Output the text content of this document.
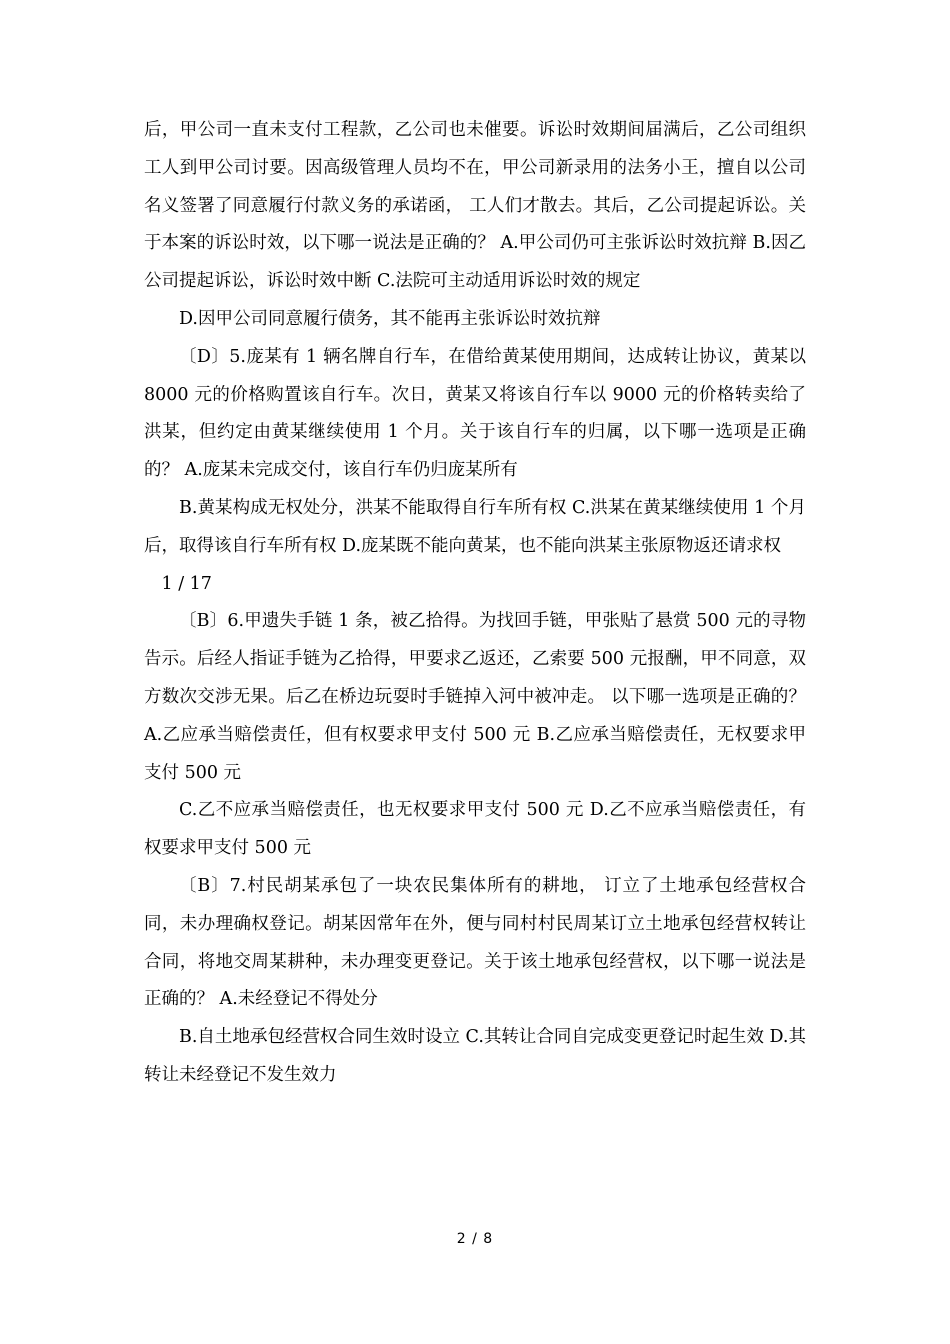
后，甲公司一直未支付工程款，乙公司也未催要。诉讼时效期间届满后，乙公司组织工人到甲公司讨要。因高级管理人员均不在，甲公司新录用的法务小王，擅自以公司名义签署了同意履行付款义务的承诺函， 工人们才散去。其后，乙公司提起诉讼。关于本案的诉讼时效，以下哪一说法是正确的？ A.甲公司仍可主张诉讼时效抗辩 B.因乙公司提起诉讼，诉讼时效中断 C.法院可主动适用诉讼时效的规定

D.因甲公司同意履行债务，其不能再主张诉讼时效抗辩

〔D〕5.庞某有 1 辆名牌自行车，在借给黄某使用期间，达成转让协议，黄某以 8000 元的价格购置该自行车。次日，黄某又将该自行车以 9000 元的价格转卖给了洪某，但约定由黄某继续使用 1 个月。关于该自行车的归属，以下哪一选项是正确的？ A.庞某未完成交付，该自行车仍归庞某所有

B.黄某构成无权处分，洪某不能取得自行车所有权 C.洪某在黄某继续使用 1 个月后，取得该自行车所有权 D.庞某既不能向黄某，也不能向洪某主张原物返还请求权

1 / 17

〔B〕6.甲遗失手链 1 条，被乙拾得。为找回手链，甲张贴了悬赏 500 元的寻物告示。后经人指证手链为乙拾得，甲要求乙返还，乙索要 500 元报酬，甲不同意，双方数次交涉无果。后乙在桥边玩耍时手链掉入河中被冲走。 以下哪一选项是正确的？ A.乙应承当赔偿责任，但有权要求甲支付 500 元 B.乙应承当赔偿责任，无权要求甲支付 500 元

C.乙不应承当赔偿责任，也无权要求甲支付 500 元 D.乙不应承当赔偿责任，有权要求甲支付 500 元

〔B〕7.村民胡某承包了一块农民集体所有的耕地， 订立了土地承包经营权合同，未办理确权登记。胡某因常年在外，便与同村村民周某订立土地承包经营权转让合同，将地交周某耕种，未办理变更登记。关于该土地承包经营权，以下哪一说法是正确的？ A.未经登记不得处分

B.自土地承包经营权合同生效时设立 C.其转让合同自完成变更登记时起生效 D.其转让未经登记不发生效力

2 / 8
